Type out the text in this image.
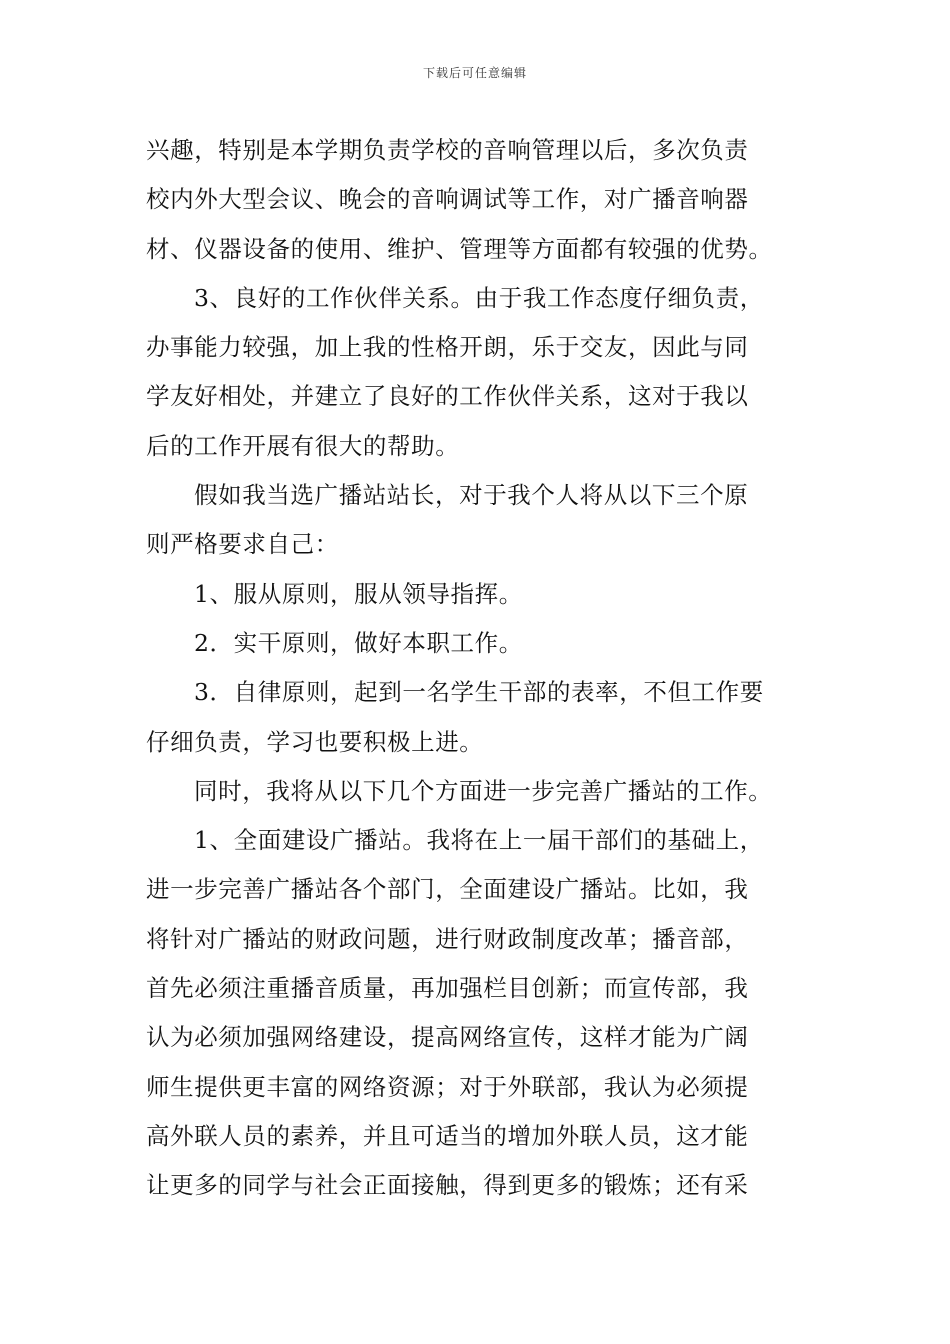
下载后可任意编辑
兴趣，特别是本学期负责学校的音响管理以后，多次负责
校内外大型会议、晚会的音响调试等工作，对广播音响器
材、仪器设备的使用、维护、管理等方面都有较强的优势。
3、良好的工作伙伴关系。由于我工作态度仔细负责，
办事能力较强，加上我的性格开朗，乐于交友，因此与同
学友好相处，并建立了良好的工作伙伴关系，这对于我以
后的工作开展有很大的帮助。
假如我当选广播站站长，对于我个人将从以下三个原
则严格要求自己：
1、服从原则，服从领导指挥。
2．实干原则，做好本职工作。
3．自律原则，起到一名学生干部的表率，不但工作要
仔细负责，学习也要积极上进。
同时，我将从以下几个方面进一步完善广播站的工作。
1、全面建设广播站。我将在上一届干部们的基础上，
进一步完善广播站各个部门，全面建设广播站。比如，我
将针对广播站的财政问题，进行财政制度改革；播音部，
首先必须注重播音质量，再加强栏目创新；而宣传部，我
认为必须加强网络建设，提高网络宣传，这样才能为广阔
师生提供更丰富的网络资源；对于外联部，我认为必须提
高外联人员的素养，并且可适当的增加外联人员，这才能
让更多的同学与社会正面接触，得到更多的锻炼；还有采
